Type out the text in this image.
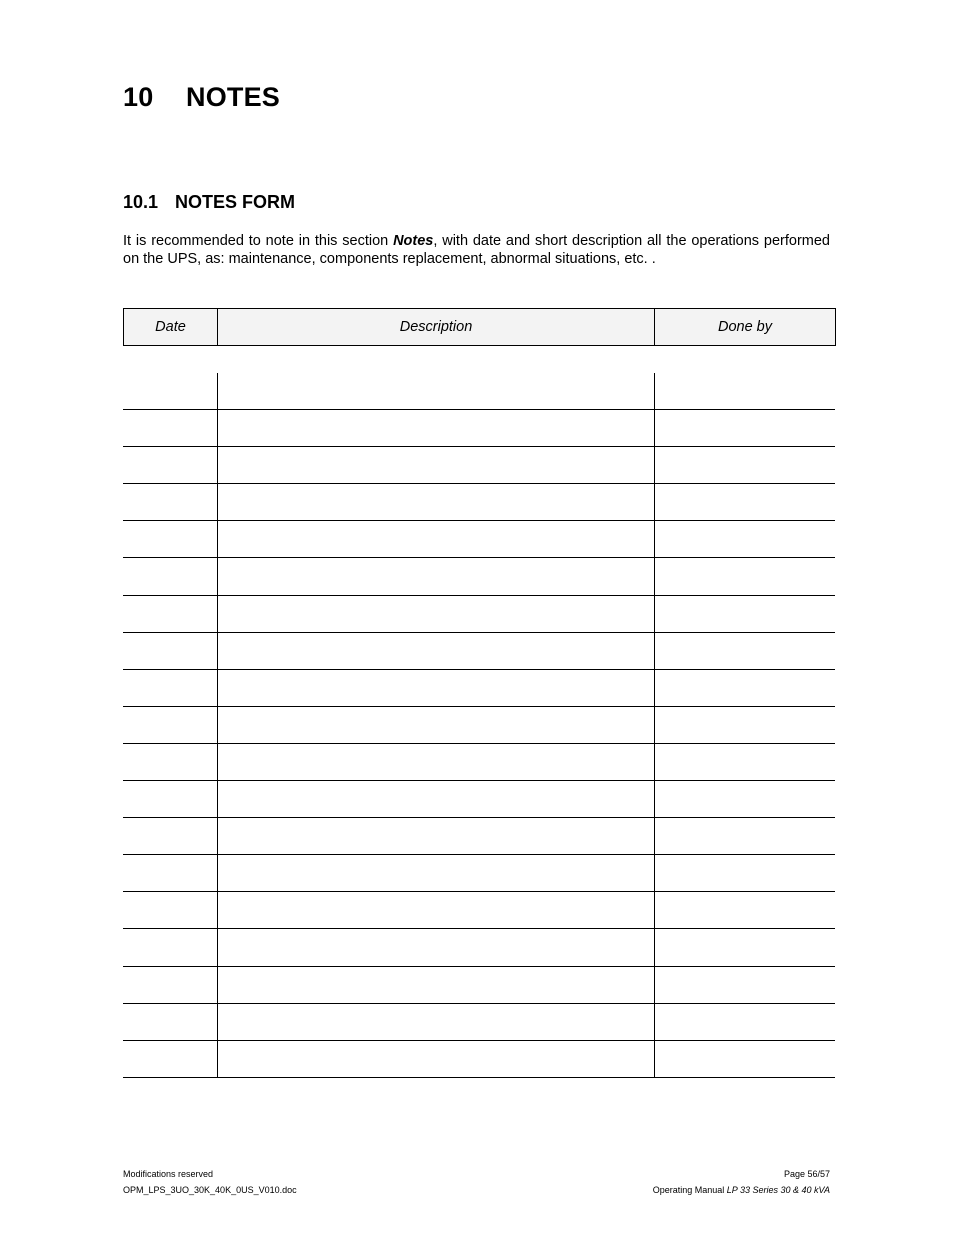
10 NOTES
10.1 NOTES FORM

It is recommended to note in this section Notes, with date and short description all the operations performed on the UPS, as: maintenance, components replacement, abnormal situations, etc. .

Date	Description	Done by
Modifications reserved
OPM_LPS_3UO_30K_40K_0US_V010.doc
Page 56/57
Operating Manual LP 33 Series 30 & 40 kVA
